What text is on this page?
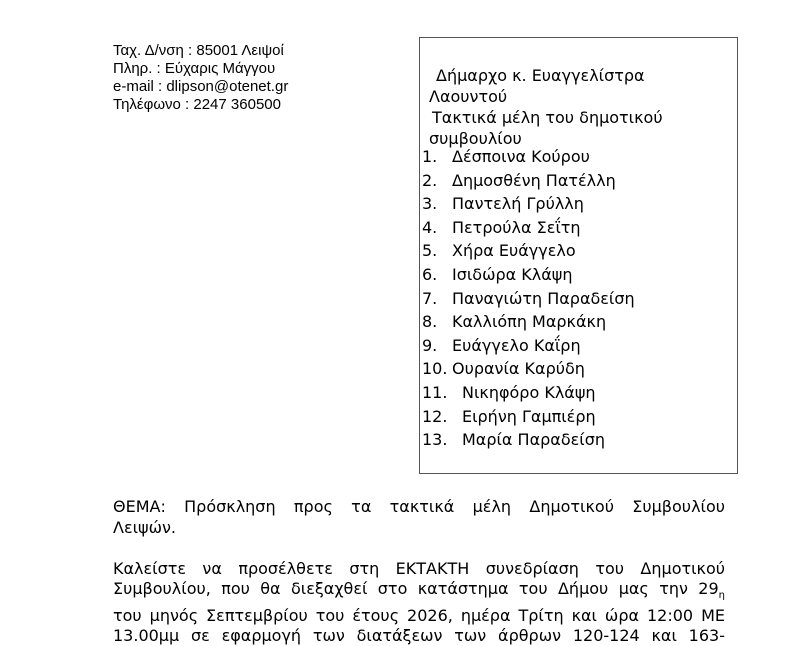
Ταχ. Δ/νση : 85001 Λειψοί
Πληρ. : Εύχαρις Μάγγου
e-mail : dlipson@otenet.gr
Τηλέφωνο : 2247 360500
Δήμαρχο κ. Ευαγγελίστρα
Λαουντού
Τακτικά μέλη του δημοτικού
συμβουλίου
1. Δέσποινα Κούρου
2. Δημοσθένη Πατέλλη
3. Παντελή Γρύλλη
4. Πετρούλα Σεΐτη
5. Χήρα Ευάγγελο
6. Ισιδώρα Κλάψη
7. Παναγιώτη Παραδείση
8. Καλλιόπη Μαρκάκη
9. Ευάγγελο Καΐρη
10. Ουρανία Καρύδη
11. Νικηφόρο Κλάψη
12. Ειρήνη Γαμπιέρη
13. Μαρία Παραδείση
ΘΕΜΑ: Πρόσκληση προς τα τακτικά μέλη Δημοτικού Συμβουλίου
Λειψών.
Καλείστε να προσέλθετε στη ΕΚΤΑΚΤΗ συνεδρίαση του Δημοτικού
Συμβουλίου, που θα διεξαχθεί στο κατάστημα του Δήμου μας την $29_\eta$
του μηνός Σεπτεμβρίου του έτους 2026, ημέρα Τρίτη και ώρα 12:00 ΜΕ
13.00μμ σε εφαρμογή των διατάξεων των άρθρων 120-124 και 163-
